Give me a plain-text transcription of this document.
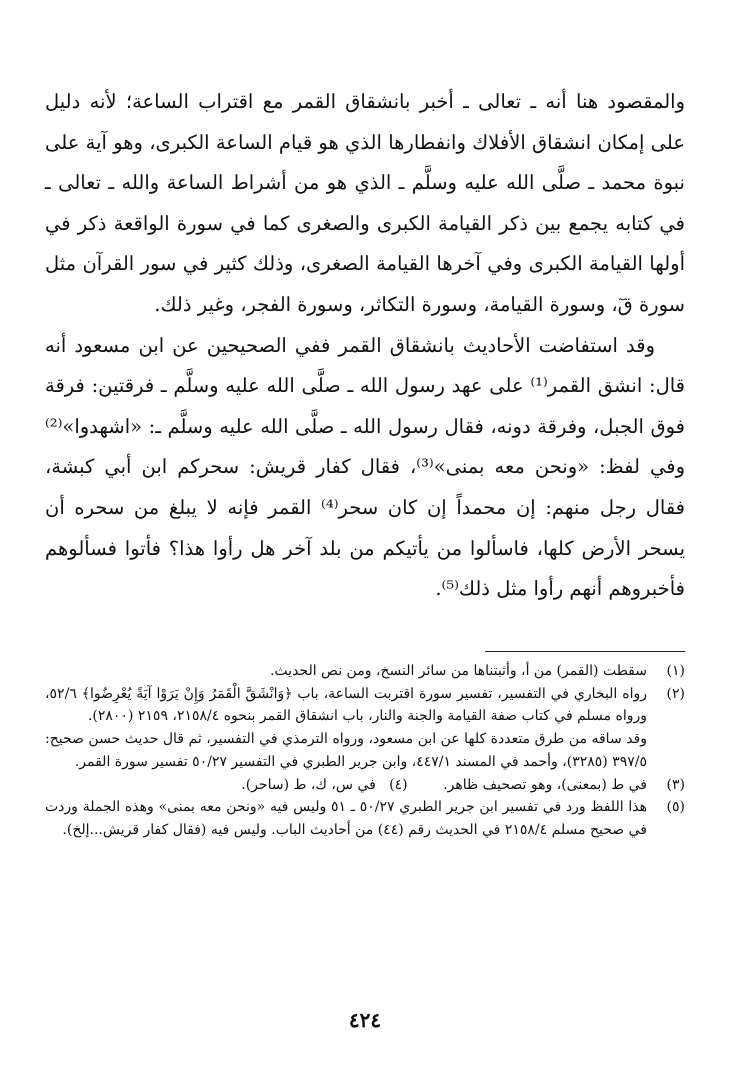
والمقصود هنا أنه ـ تعالى ـ أخبر بانشقاق القمر مع اقتراب الساعة؛ لأنه دليل على إمكان انشقاق الأفلاك وانفطارها الذي هو قيام الساعة الكبرى، وهو آية على نبوة محمد ـ صلَّى الله عليه وسلَّم ـ الذي هو من أشراط الساعة والله ـ تعالى ـ في كتابه يجمع بين ذكر القيامة الكبرى والصغرى كما في سورة الواقعة ذكر في أولها القيامة الكبرى وفي آخرها القيامة الصغرى، وذلك كثير في سور القرآن مثل سورة قٓ، وسورة القيامة، وسورة التكاثر، وسورة الفجر، وغير ذلك.

وقد استفاضت الأحاديث بانشقاق القمر ففي الصحيحين عن ابن مسعود أنه قال: انشق القمر⁽¹⁾ على عهد رسول الله ـ صلَّى الله عليه وسلَّم ـ فرقتين: فرقة فوق الجبل، وفرقة دونه، فقال رسول الله ـ صلَّى الله عليه وسلَّم ـ: «اشهدوا»⁽²⁾ وفي لفظ: «ونحن معه بمنى»⁽³⁾، فقال كفار قريش: سحركم ابن أبي كبشة، فقال رجل منهم: إن محمداً إن كان سحر⁽⁴⁾ القمر فإنه لا يبلغ من سحره أن يسحر الأرض كلها، فاسألوا من يأتيكم من بلد آخر هل رأوا هذا؟ فأتوا فسألوهم فأخبروهم أنهم رأوا مثل ذلك⁽⁵⁾.

(١)
سقطت (القمر) من أ، وأثبتناها من سائر النسخ، ومن نص الحديث.
(٢)
رواه البخاري في التفسير، تفسير سورة اقتربت الساعة، باب ﴿وَانْشَقَّ الْقَمَرُ وَإِنْ يَرَوْا آيَةً يُعْرِضُوا﴾ ٥٢/٦، ورواه مسلم في كتاب صفة القيامة والجنة والنار، باب انشقاق القمر بنحوه ٢١٥٨/٤، ٢١٥٩ (٢٨٠٠).

وقد ساقه من طرق متعددة كلها عن ابن مسعود، ورواه الترمذي في التفسير، ثم قال حديث حسن صحيح: ٣٩٧/٥ (٣٢٨٥)، وأحمد في المسند ٤٤٧/١، وابن جرير الطبري في التفسير ٥٠/٢٧ تفسير سورة القمر.

(٣)
في ط (بمعنى)، وهو تصحيف ظاهر.        (٤)   في س، ك، ط (ساحر).
(٥)
هذا اللفظ ورد في تفسير ابن جرير الطبري ٥٠/٢٧ ـ ٥١ وليس فيه «ونحن معه بمنى» وهذه الجملة وردت في صحيح مسلم ٢١٥٨/٤ في الحديث رقم (٤٤) من أحاديث الباب. وليس فيه (فقال كفار قريش...إلخ).
٤٢٤
